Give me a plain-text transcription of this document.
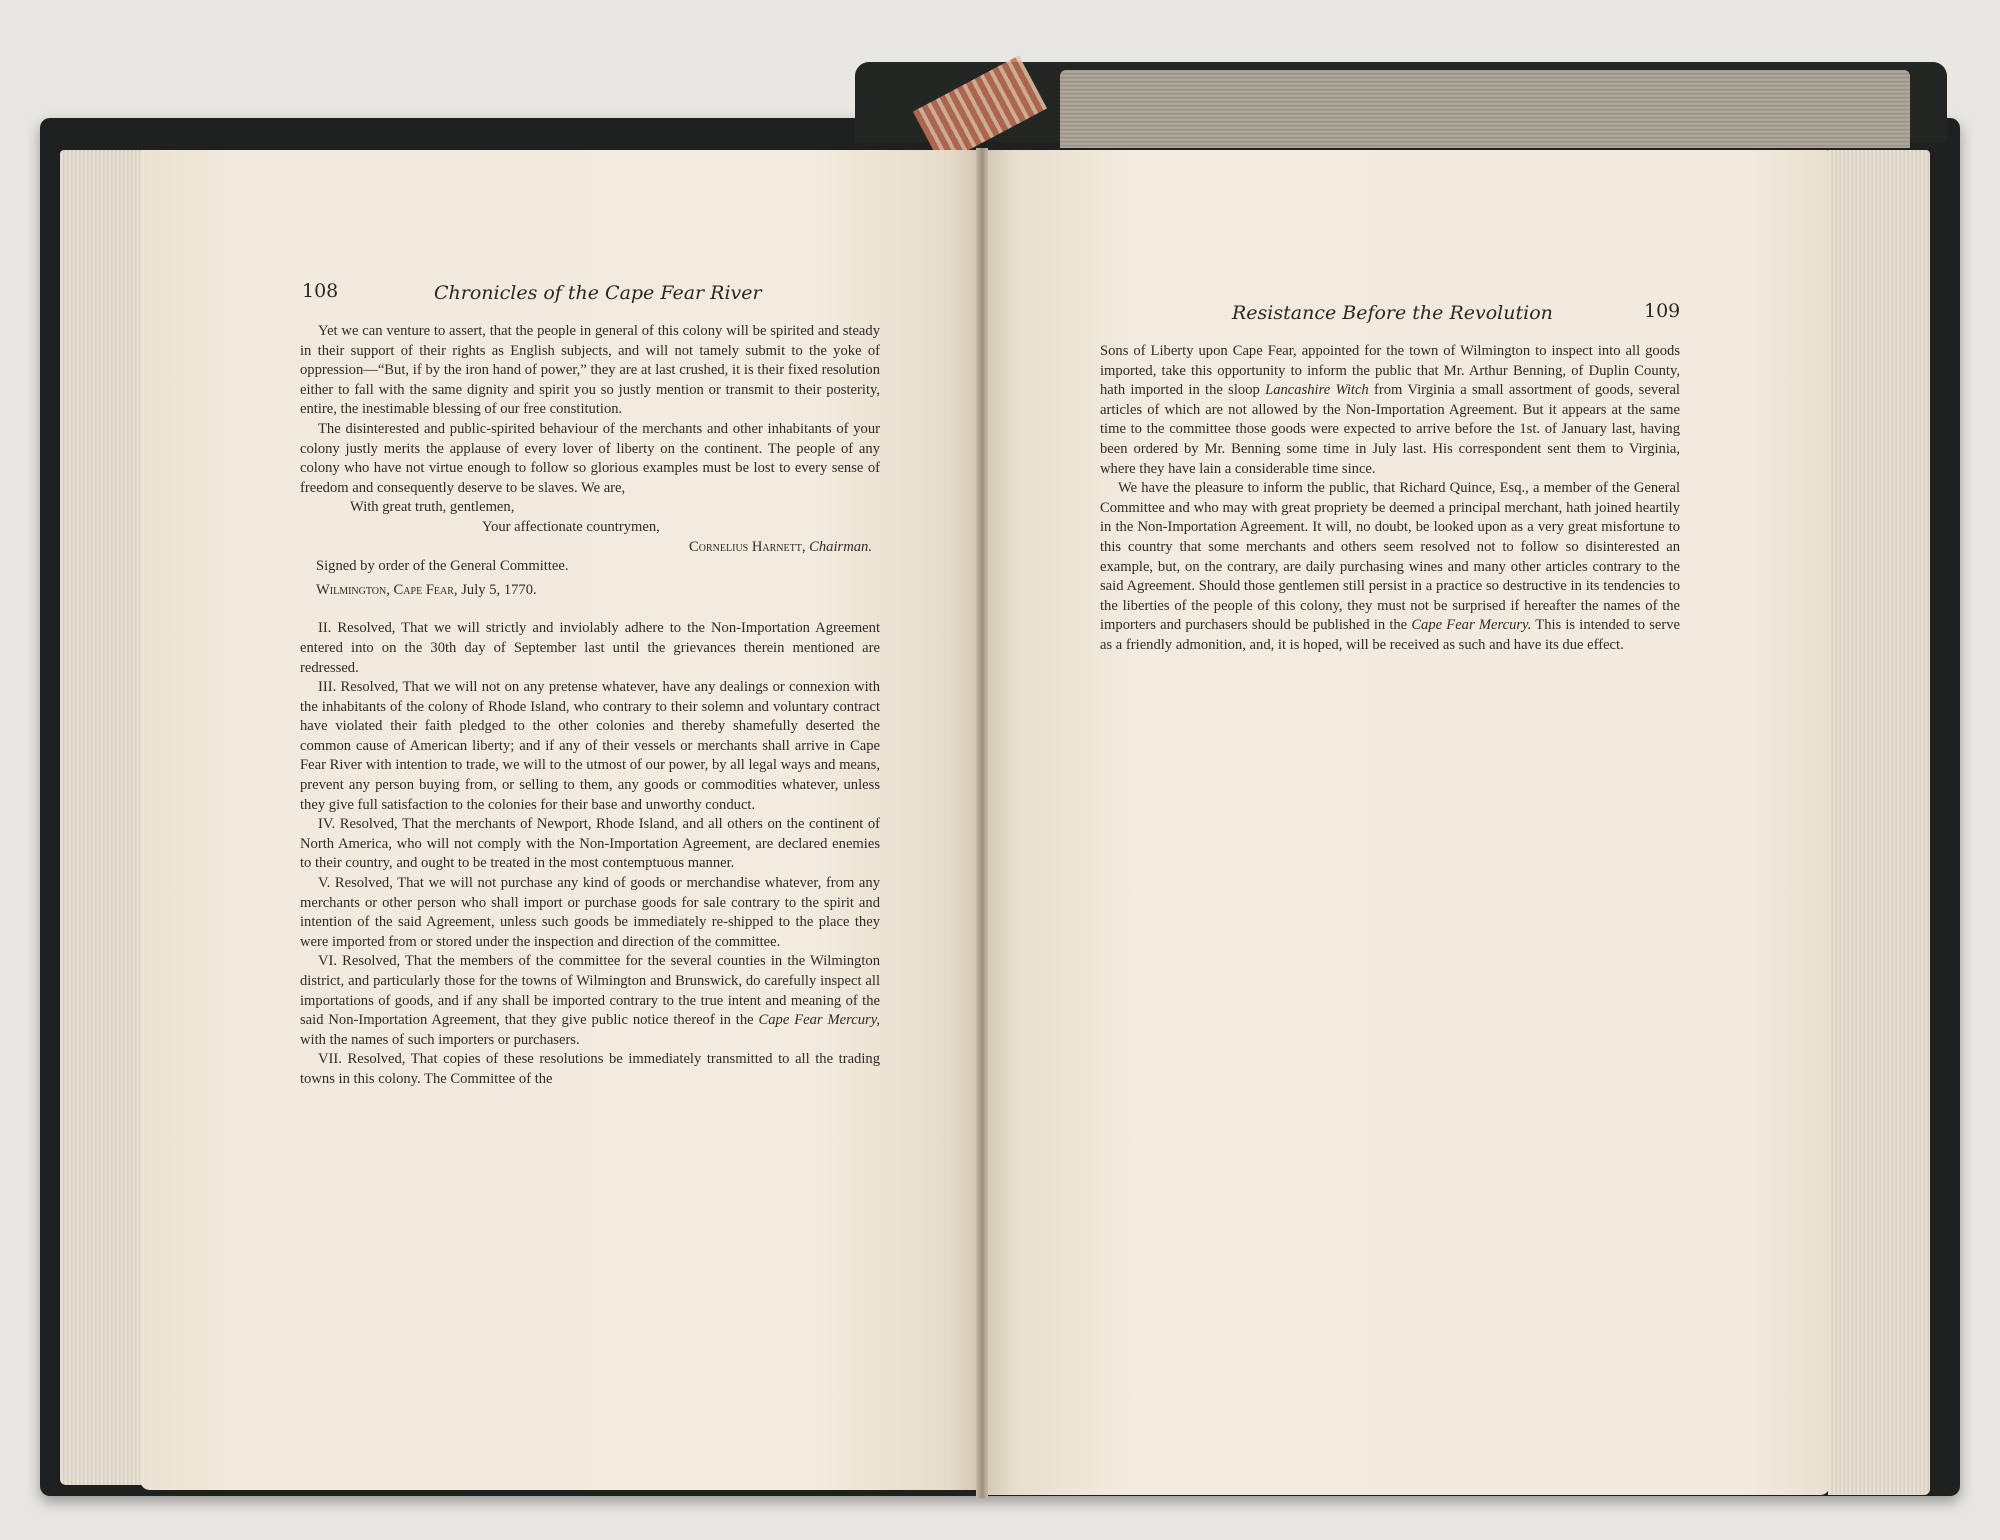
108	Chronicles of the Cape Fear River

Yet we can venture to assert, that the people in general of this colony will be spirited and steady in their support of their rights as English subjects, and will not tamely submit to the yoke of oppression—“But, if by the iron hand of power,” they are at last crushed, it is their fixed resolution either to fall with the same dignity and spirit you so justly mention or transmit to their posterity, entire, the inestimable blessing of our free constitution.

The disinterested and public-spirited behaviour of the merchants and other inhabitants of your colony justly merits the applause of every lover of liberty on the continent. The people of any colony who have not virtue enough to follow so glorious examples must be lost to every sense of freedom and consequently deserve to be slaves. We are,

With great truth, gentlemen,

Your affectionate countrymen,

Cornelius Harnett, Chairman.

Signed by order of the General Committee.

Wilmington, Cape Fear, July 5, 1770.

II. Resolved, That we will strictly and inviolably adhere to the Non-Importation Agreement entered into on the 30th day of September last until the grievances therein mentioned are redressed.

III. Resolved, That we will not on any pretense whatever, have any dealings or connexion with the inhabitants of the colony of Rhode Island, who contrary to their solemn and voluntary contract have violated their faith pledged to the other colonies and thereby shamefully deserted the common cause of American liberty; and if any of their vessels or merchants shall arrive in Cape Fear River with intention to trade, we will to the utmost of our power, by all legal ways and means, prevent any person buying from, or selling to them, any goods or commodities whatever, unless they give full satisfaction to the colonies for their base and unworthy conduct.

IV. Resolved, That the merchants of Newport, Rhode Island, and all others on the continent of North America, who will not comply with the Non-Importation Agreement, are declared enemies to their country, and ought to be treated in the most contemptuous manner.

V. Resolved, That we will not purchase any kind of goods or merchandise whatever, from any merchants or other person who shall import or purchase goods for sale contrary to the spirit and intention of the said Agreement, unless such goods be immediately re-shipped to the place they were imported from or stored under the inspection and direction of the committee.

VI. Resolved, That the members of the committee for the several counties in the Wilmington district, and particularly those for the towns of Wilmington and Brunswick, do carefully inspect all importations of goods, and if any shall be imported contrary to the true intent and meaning of the said Non-Importation Agreement, that they give public notice thereof in the Cape Fear Mercury, with the names of such importers or purchasers.

VII. Resolved, That copies of these resolutions be immediately transmitted to all the trading towns in this colony. The Committee of the

Resistance Before the Revolution	109

Sons of Liberty upon Cape Fear, appointed for the town of Wilmington to inspect into all goods imported, take this opportunity to inform the public that Mr. Arthur Benning, of Duplin County, hath imported in the sloop Lancashire Witch from Virginia a small assortment of goods, several articles of which are not allowed by the Non-Importation Agreement. But it appears at the same time to the committee those goods were expected to arrive before the 1st. of January last, having been ordered by Mr. Benning some time in July last. His correspondent sent them to Virginia, where they have lain a considerable time since.

We have the pleasure to inform the public, that Richard Quince, Esq., a member of the General Committee and who may with great propriety be deemed a principal merchant, hath joined heartily in the Non-Importation Agreement. It will, no doubt, be looked upon as a very great misfortune to this country that some merchants and others seem resolved not to follow so disinterested an example, but, on the contrary, are daily purchasing wines and many other articles contrary to the said Agreement. Should those gentlemen still persist in a practice so destructive in its tendencies to the liberties of the people of this colony, they must not be surprised if hereafter the names of the importers and purchasers should be published in the Cape Fear Mercury. This is intended to serve as a friendly admonition, and, it is hoped, will be received as such and have its due effect.
